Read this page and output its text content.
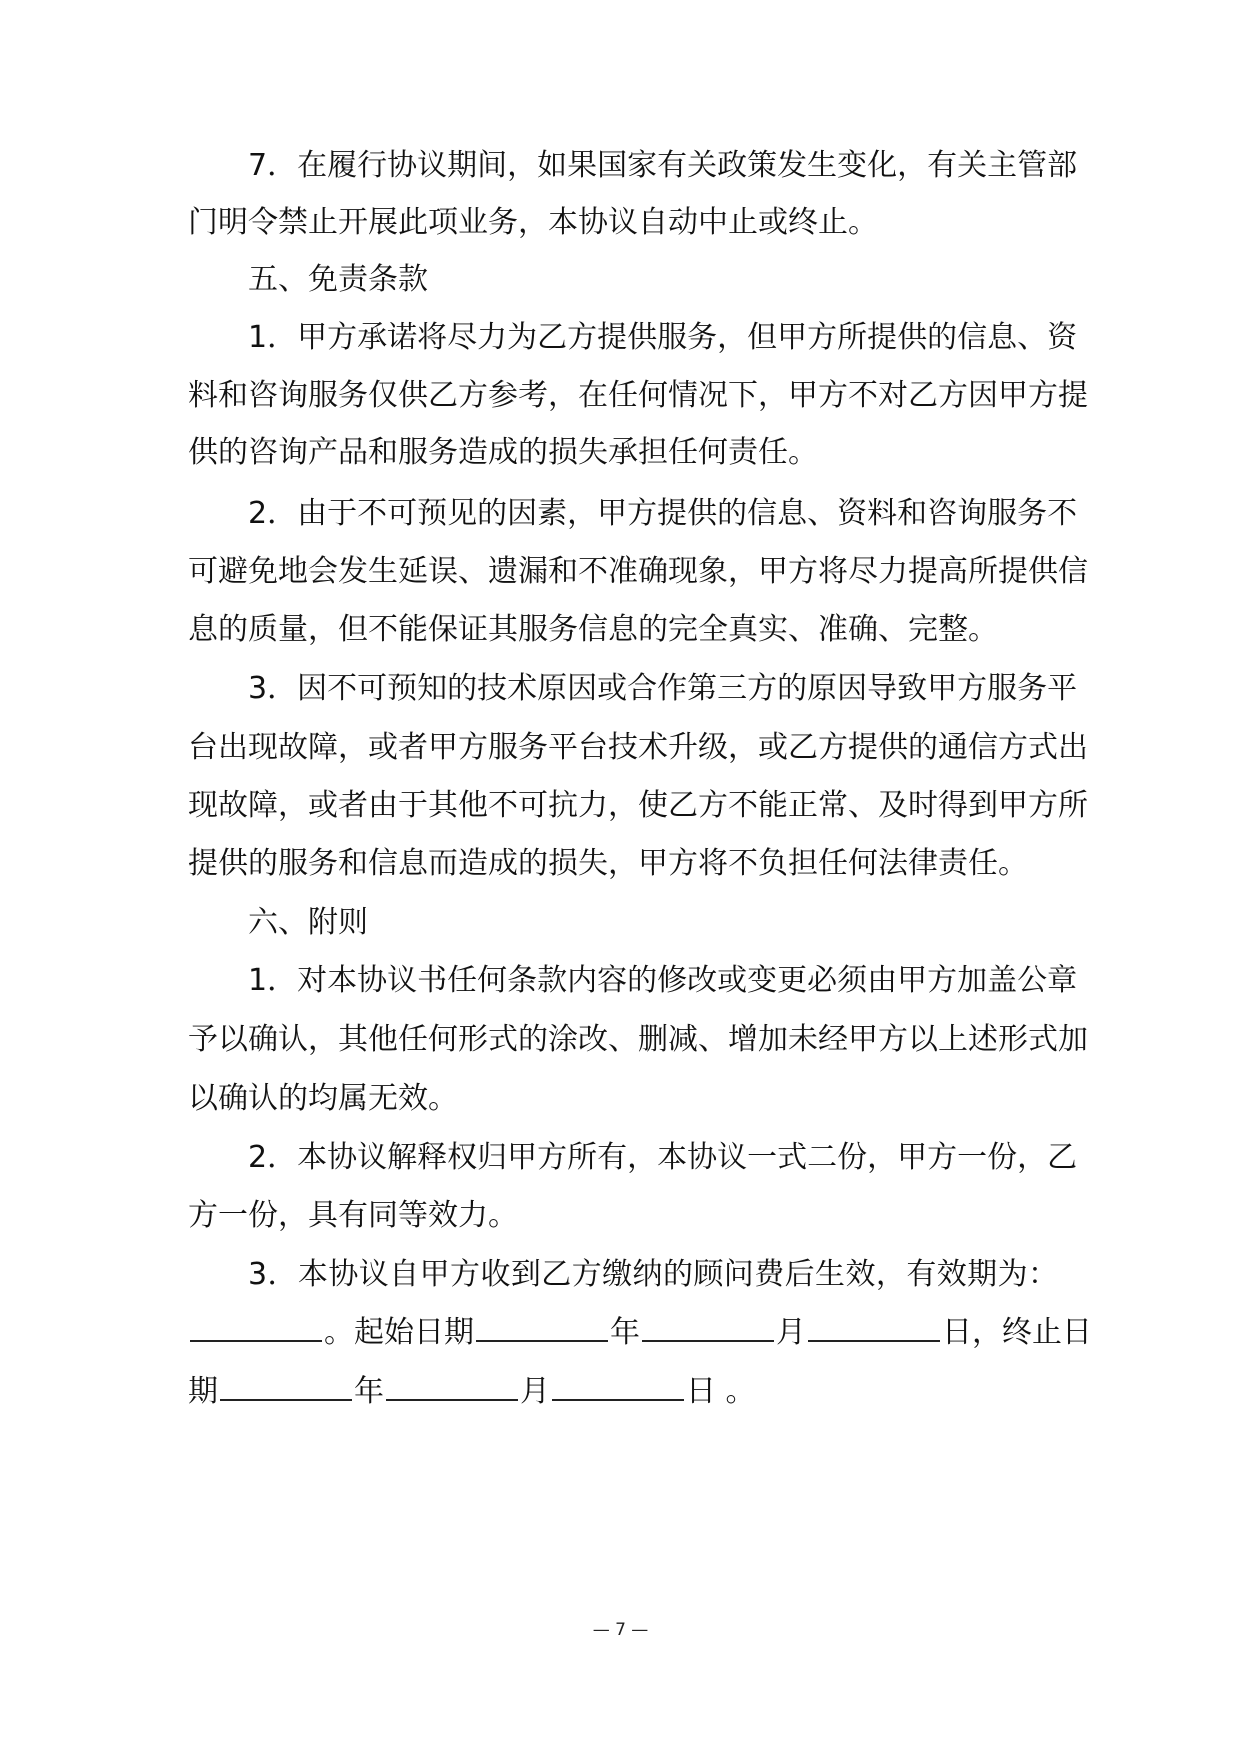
7．在履行协议期间，如果国家有关政策发生变化，有关主管部
门明令禁止开展此项业务，本协议自动中止或终止。
五、免责条款
1．甲方承诺将尽力为乙方提供服务，但甲方所提供的信息、资
料和咨询服务仅供乙方参考，在任何情况下，甲方不对乙方因甲方提
供的咨询产品和服务造成的损失承担任何责任。
2．由于不可预见的因素，甲方提供的信息、资料和咨询服务不
可避免地会发生延误、遗漏和不准确现象，甲方将尽力提高所提供信
息的质量，但不能保证其服务信息的完全真实、准确、完整。
3．因不可预知的技术原因或合作第三方的原因导致甲方服务平
台出现故障，或者甲方服务平台技术升级，或乙方提供的通信方式出
现故障，或者由于其他不可抗力，使乙方不能正常、及时得到甲方所
提供的服务和信息而造成的损失，甲方将不负担任何法律责任。
六、附则
1．对本协议书任何条款内容的修改或变更必须由甲方加盖公章
予以确认，其他任何形式的涂改、删减、增加未经甲方以上述形式加
以确认的均属无效。
2．本协议解释权归甲方所有，本协议一式二份，甲方一份，乙
方一份，具有同等效力。
3．本协议自甲方收到乙方缴纳的顾问费后生效，有效期为：
。起始日期	年	月	日，终止日
期	年	月	日 。
— 7 —
